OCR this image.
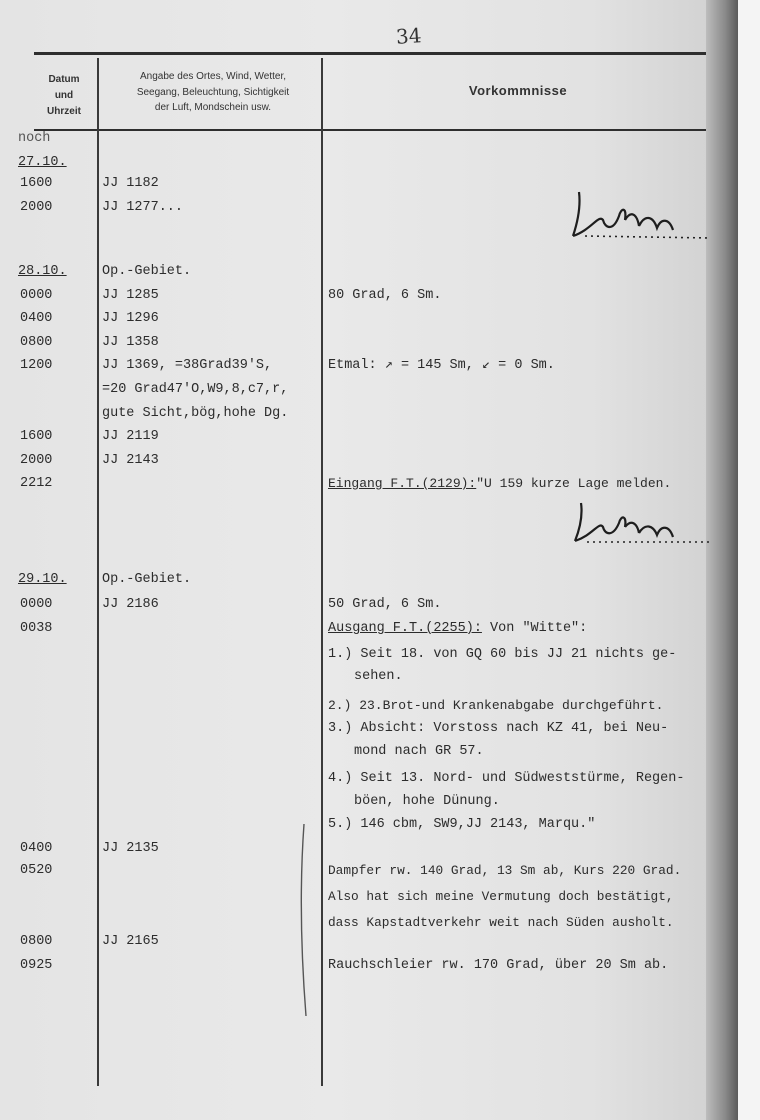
34
Datum
und
Uhrzeit
Angabe des Ortes, Wind, Wetter,
Seegang, Beleuchtung, Sichtigkeit
der Luft, Mondschein usw.
Vorkommnisse
noch
27.10.
1600
2000
28.10.
0000
0400
0800
1200
1600
2000
2212
29.10.
0000
0038
0400
0520
0800
0925
JJ 1182
JJ 1277...
Op.-Gebiet.
JJ 1285
JJ 1296
JJ 1358
JJ 1369, =38Grad39'S,
=20 Grad47'O,W9,8,c7,r,
gute Sicht,bög,hohe Dg.
JJ 2119
JJ 2143
Op.-Gebiet.
JJ 2186
JJ 2135
JJ 2165
80 Grad, 6 Sm.
Etmal: ↗ = 145 Sm, ↙ = 0 Sm.
Eingang F.T.(2129):"U 159 kurze Lage melden.
50 Grad, 6 Sm.
Ausgang F.T.(2255): Von "Witte":
1.) Seit 18. von GQ 60 bis JJ 21 nichts ge-
sehen.
2.) 23.Brot-und Krankenabgabe durchgeführt.
3.) Absicht: Vorstoss nach KZ 41, bei Neu-
mond nach GR 57.
4.) Seit 13. Nord- und Südweststürme, Regen-
böen, hohe Dünung.
5.) 146 cbm, SW9,JJ 2143, Marqu."
Dampfer rw. 140 Grad, 13 Sm ab, Kurs 220 Grad.
Also hat sich meine Vermutung doch bestätigt,
dass Kapstadtverkehr weit nach Süden ausholt.
Rauchschleier rw. 170 Grad, über 20 Sm ab.
